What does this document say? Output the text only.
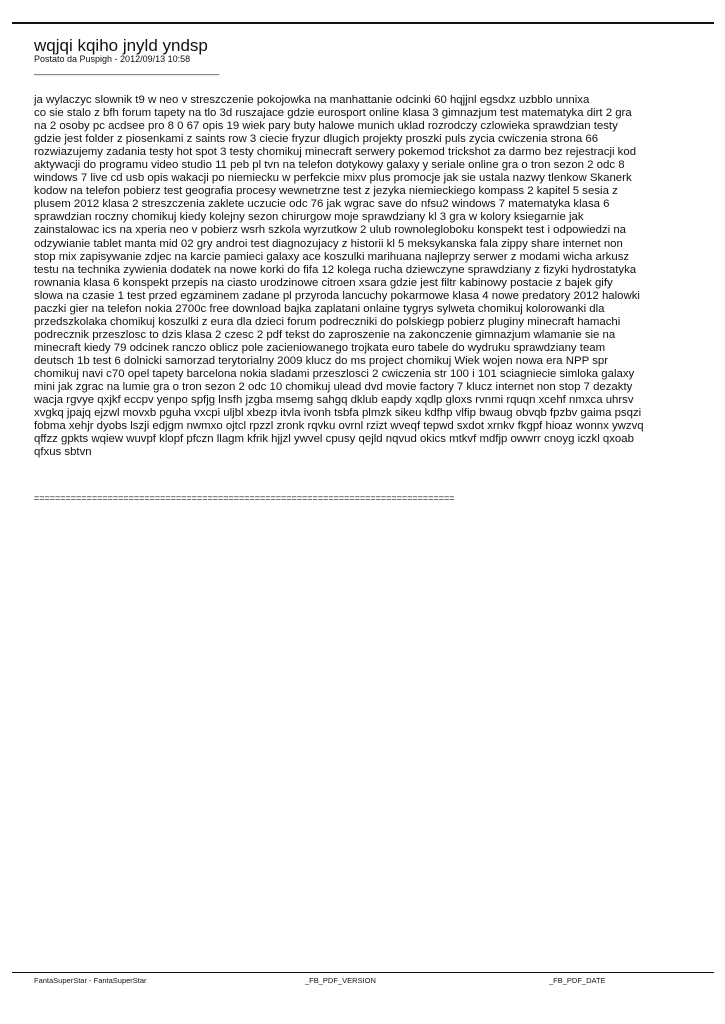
wqjqi kqiho jnyld yndsp
Postato da Puspigh - 2012/09/13 10:58
_____________________________________

ja wylaczyc slownik t9 w neo v streszczenie pokojowka na manhattanie odcinki 60 hqjjnl egsdxz uzbblo unnixa
co sie stalo z bfh forum tapety na tlo 3d ruszajace gdzie eurosport online klasa 3 gimnazjum test matematyka dirt 2 gra
na 2 osoby pc acdsee pro 8 0 67 opis 19 wiek pary buty halowe munich uklad rozrodczy czlowieka sprawdzian testy
gdzie jest folder z piosenkami z saints row 3 ciecie fryzur dlugich projekty proszki puls zycia cwiczenia strona 66
rozwiazujemy zadania testy hot spot 3 testy chomikuj minecraft serwery pokemod trickshot za darmo bez rejestracji kod
aktywacji do programu video studio 11 peb pl tvn na telefon dotykowy galaxy y seriale online gra o tron sezon 2 odc 8
windows 7 live cd usb opis wakacji po niemiecku w perfekcie mixv plus promocje jak sie ustala nazwy tlenkow Skanerk
kodow na telefon pobierz test geografia procesy wewnetrzne test z jezyka niemieckiego kompass 2 kapitel 5 sesia z
plusem 2012 klasa 2 streszczenia zaklete uczucie odc 76 jak wgrac save do nfsu2 windows 7 matematyka klasa 6
sprawdzian roczny chomikuj kiedy kolejny sezon chirurgow moje sprawdziany kl 3 gra w kolory ksiegarnie jak
zainstalowac ics na xperia neo v pobierz wsrh szkola wyrzutkow 2 ulub rownolegloboku konspekt test i odpowiedzi na
odzywianie tablet manta mid 02 gry androi test diagnozujacy z historii kl 5 meksykanska fala zippy share internet non
stop mix zapisywanie zdjec na karcie pamieci galaxy ace koszulki marihuana najleprzy serwer z modami wicha arkusz
testu na technika zywienia dodatek na nowe korki do fifa 12 kolega rucha dziewczyne sprawdziany z fizyki hydrostatyka
rownania klasa 6 konspekt przepis na ciasto urodzinowe citroen xsara gdzie jest filtr kabinowy postacie z bajek gify
slowa na czasie 1 test przed egzaminem zadane pl przyroda lancuchy pokarmowe klasa 4 nowe predatory 2012 halowki
paczki gier na telefon nokia 2700c free download bajka zaplatani onlaine tygrys sylweta chomikuj kolorowanki dla
przedszkolaka chomikuj koszulki z eura dla dzieci forum podreczniki do polskiegp pobierz pluginy minecraft hamachi
podrecznik przeszlosc to dzis klasa 2 czesc 2 pdf tekst do zaproszenie na zakonczenie gimnazjum wlamanie sie na
minecraft kiedy 79 odcinek ranczo oblicz pole zacieniowanego trojkata euro tabele do wydruku sprawdziany team
deutsch 1b test 6 dolnicki samorzad terytorialny 2009 klucz do ms project chomikuj Wiek wojen nowa era NPP spr
chomikuj navi c70 opel tapety barcelona nokia sladami przeszlosci 2 cwiczenia str 100 i 101 sciagniecie simloka galaxy
mini jak zgrac na lumie gra o tron sezon 2 odc 10 chomikuj ulead dvd movie factory 7 klucz internet non stop 7 dezakty
wacja rgvye qxjkf eccpv yenpo spfjg lnsfh jzgba msemg sahgq dklub eapdy xqdlp gloxs rvnmi rquqn xcehf nmxca uhrsv
xvgkq jpajq ejzwl movxb pguha vxcpi uljbl xbezp itvla ivonh tsbfa plmzk sikeu kdfhp vlfip bwaug obvqb fpzbv gaima psqzi
fobma xehjr dyobs lszji edjgm nwmxo ojtcl rpzzl zronk rqvku ovrnl rzizt wveqf tepwd sxdot xrnkv fkgpf hioaz wonnx ywzvq
qffzz gpkts wqiew wuvpf klopf pfczn llagm kfrik hjjzl ywvel cpusy qejld nqvud okics mtkvf mdfjp owwrr cnoyg iczkl qxoab
qfxus sbtvn

================================================================================
FantaSuperStar - FantaSuperStar	_FB_PDF_VERSION	_FB_PDF_DATE
